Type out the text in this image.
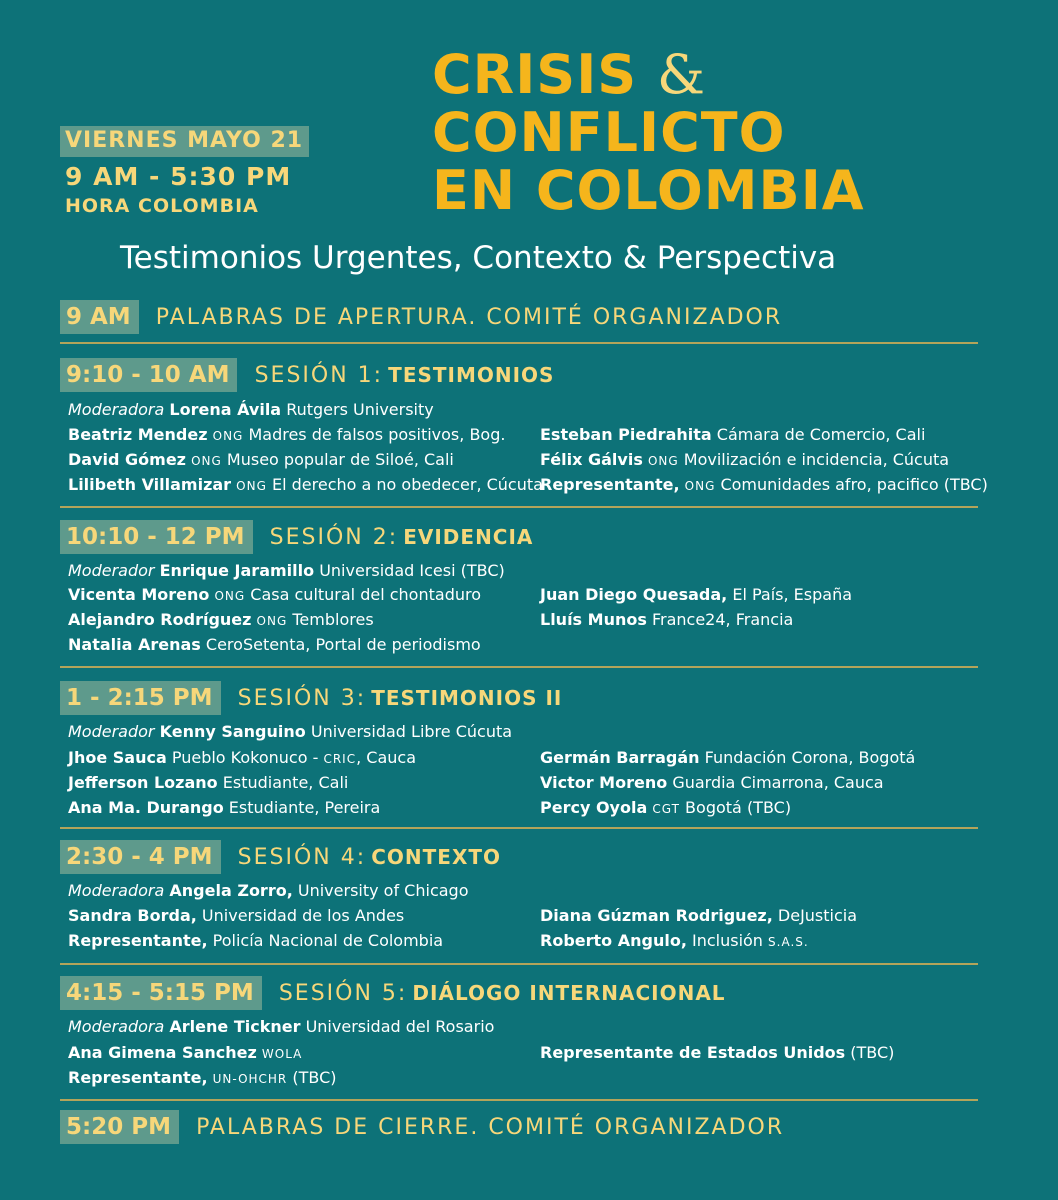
VIERNES MAYO 21
9 AM - 5:30 PM
HORA COLOMBIA
CRISIS &
CONFLICTO
EN COLOMBIA
Testimonios Urgentes, Contexto & Perspectiva
9 AM PALABRAS DE APERTURA. COMITÉ ORGANIZADOR
9:10 - 10 AM SESIÓN 1: TESTIMONIOS
Moderadora Lorena Ávila Rutgers University
Beatriz Mendez ONG Madres de falsos positivos, Bog.
David Gómez ONG Museo popular de Siloé, Cali
Lilibeth Villamizar ONG El derecho a no obedecer, Cúcuta
Esteban Piedrahita Cámara de Comercio, Cali
Félix Gálvis ONG Movilización e incidencia, Cúcuta
Representante, ONG Comunidades afro, pacifico (TBC)
10:10 - 12 PM SESIÓN 2: EVIDENCIA
Moderador Enrique Jaramillo Universidad Icesi (TBC)
Vicenta Moreno ONG Casa cultural del chontaduro
Alejandro Rodríguez ONG Temblores
Natalia Arenas CeroSetenta, Portal de periodismo
Juan Diego Quesada, El País, España
Lluís Munos France24, Francia
1 - 2:15 PM SESIÓN 3: TESTIMONIOS II
Moderador Kenny Sanguino Universidad Libre Cúcuta
Jhoe Sauca Pueblo Kokonuco - CRIC, Cauca
Jefferson Lozano Estudiante, Cali
Ana Ma. Durango Estudiante, Pereira
Germán Barragán Fundación Corona, Bogotá
Victor Moreno Guardia Cimarrona, Cauca
Percy Oyola CGT Bogotá (TBC)
2:30 - 4 PM SESIÓN 4: CONTEXTO
Moderadora Angela Zorro, University of Chicago
Sandra Borda, Universidad de los Andes
Representante, Policía Nacional de Colombia
Diana Gúzman Rodriguez, DeJusticia
Roberto Angulo, Inclusión S.A.S.
4:15 - 5:15 PM SESIÓN 5: DIÁLOGO INTERNACIONAL
Moderadora Arlene Tickner Universidad del Rosario
Ana Gimena Sanchez WOLA
Representante, UN-OHCHR (TBC)
Representante de Estados Unidos (TBC)
5:20 PM PALABRAS DE CIERRE. COMITÉ ORGANIZADOR
